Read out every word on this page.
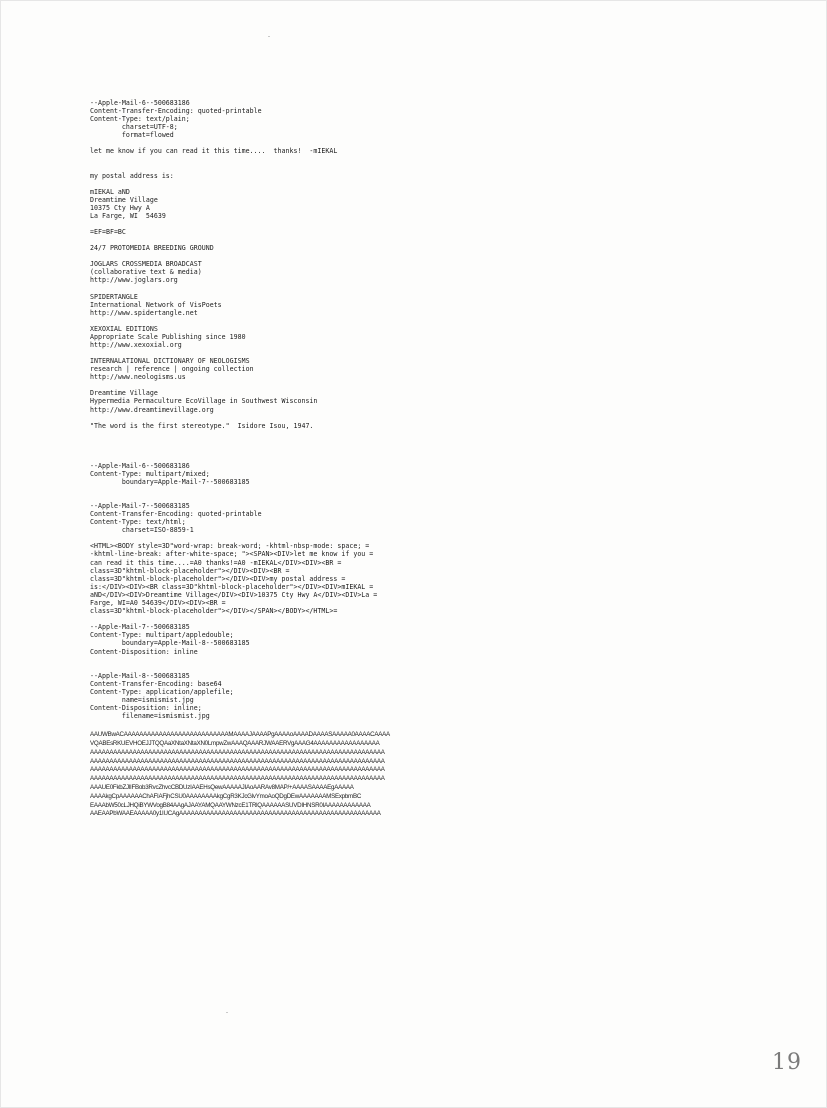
--Apple-Mail-6--500683186
Content-Transfer-Encoding: quoted-printable
Content-Type: text/plain;
charset=UTF-8;
format=flowed
let me know if you can read it this time....  thanks!  -mIEKAL
my postal address is:
mIEKAL aND
Dreamtime Village
10375 Cty Hwy A
La Farge, WI  54639
=EF=BF=BC
24/7 PROTOMEDIA BREEDING GROUND
JOGLARS CROSSMEDIA BROADCAST
(collaborative text & media)
http://www.joglars.org
SPIDERTANGLE
International Network of VisPoets
http://www.spidertangle.net
XEXOXIAL EDITIONS
Appropriate Scale Publishing since 1980
http://www.xexoxial.org
INTERNALATIONAL DICTIONARY OF NEOLOGISMS
research | reference | ongoing collection
http://www.neologisms.us
Dreamtime Village
Hypermedia Permaculture EcoVillage in Southwest Wisconsin
http://www.dreamtimevillage.org
"The word is the first stereotype."  Isidore Isou, 1947.
--Apple-Mail-6--500683186
Content-Type: multipart/mixed;
boundary=Apple-Mail-7--500683185
--Apple-Mail-7--500683185
Content-Transfer-Encoding: quoted-printable
Content-Type: text/html;
charset=ISO-8859-1
<HTML><BODY style=3D"word-wrap: break-word; -khtml-nbsp-mode: space; =
-khtml-line-break: after-white-space; "><SPAN><DIV>let me know if you =
can read it this time....=A0 thanks!=A0 -mIEKAL</DIV><DIV><BR =
class=3D"khtml-block-placeholder"></DIV><DIV><BR =
class=3D"khtml-block-placeholder"></DIV><DIV>my postal address =
is:</DIV><DIV><BR class=3D"khtml-block-placeholder"></DIV><DIV>mIEKAL =
aND</DIV><DIV>Dreamtime Village</DIV><DIV>10375 Cty Hwy A</DIV><DIV>La =
Farge, WI=A0 54639</DIV><DIV><BR =
class=3D"khtml-block-placeholder"></DIV></SPAN></BODY></HTML>=
--Apple-Mail-7--500683185
Content-Type: multipart/appledouble;
boundary=Apple-Mail-8--500683185
Content-Disposition: inline
--Apple-Mail-8--500683185
Content-Transfer-Encoding: base64
Content-Type: application/applefile;
name=ismismist.jpg
Content-Disposition: inline;
filename=ismismist.jpg
AAUWBwACAAAAAAAAAAAAAAAAAAAAAAAAAAAMAAAAJAAAAPgAAAAoAAAADAAAASAAAAA0AAAACAAAA
VQABEsRKUEVHOEJJTQQAaXNtaXNtaXN0LmpwZwAAAQAAARJWAAERVgAAAG4AAAAAAAAAAAAAAAAA
AAAAAAAAAAAAAAAAAAAAAAAAAAAAAAAAAAAAAAAAAAAAAAAAAAAAAAAAAAAAAAAAAAAAAAAAAAAA
AAAAAAAAAAAAAAAAAAAAAAAAAAAAAAAAAAAAAAAAAAAAAAAAAAAAAAAAAAAAAAAAAAAAAAAAAAAA
AAAAAAAAAAAAAAAAAAAAAAAAAAAAAAAAAAAAAAAAAAAAAAAAAAAAAAAAAAAAAAAAAAAAAAAAAAAA
AAAAAAAAAAAAAAAAAAAAAAAAAAAAAAAAAAAAAAAAAAAAAAAAAAAAAAAAAAAAAAAAAAAAAAAAAAAA
AAAUE0FkbZJlIFBob3RvcZhvcCBDUzIAAEHsQewAAAAAJIAoAARAv8MAP/+AAAASAAAAEgAAAAA
AAAAkgCpAAAAAAChAFIAFjhCSU0AAAAAAAAkgCgR3KJcGlvYmoAoQDgDEwAAAAAAAMSExpbmBC
EAAAbW50cLJHQiBYWVogB84AAgAJAAYAMQAAYWNzcE1TRlQAAAAAASUVDIHNSR0IAAAAAAAAAAAA
AAEAAPbWAAEAAAAA0y1IUCAgAAAAAAAAAAAAAAAAAAAAAAAAAAAAAAAAAAAAAAAAAAAAAAAAAAAA
19
